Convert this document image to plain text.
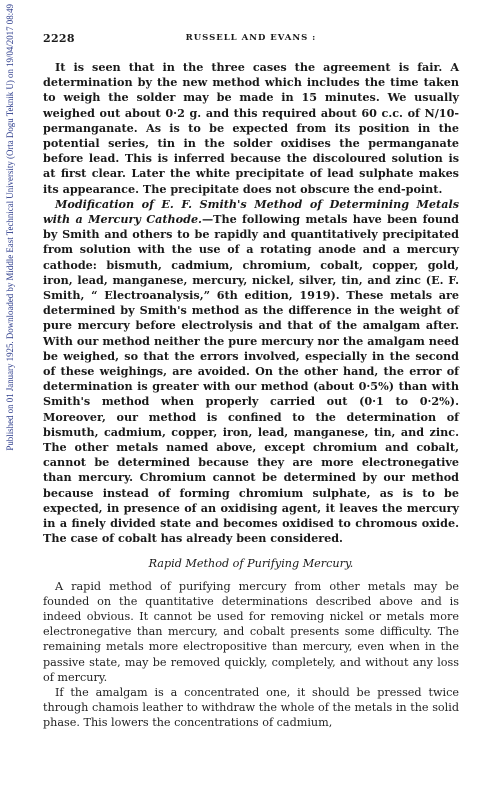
Published on 01 January 1925. Downloaded by Middle East Technical University (Orta Dogu Teknik U) on 19/04/2017 08:49	2228	RUSSELL AND EVANS :

It is seen that in the three cases the agreement is fair. A determination by the new method which includes the time taken to weigh the solder may be made in 15 minutes. We usually weighed out about 0·2 g. and this required about 60 c.c. of N/10-permanganate. As is to be expected from its position in the potential series, tin in the solder oxidises the permanganate before lead. This is inferred because the discoloured solution is at first clear. Later the white precipitate of lead sulphate makes its appearance. The precipitate does not obscure the end-point.

Modification of E. F. Smith's Method of Determining Metals with a Mercury Cathode.—The following metals have been found by Smith and others to be rapidly and quantitatively precipitated from solution with the use of a rotating anode and a mercury cathode: bismuth, cadmium, chromium, cobalt, copper, gold, iron, lead, manganese, mercury, nickel, silver, tin, and zinc (E. F. Smith, “ Electroanalysis,” 6th edition, 1919). These metals are determined by Smith's method as the difference in the weight of pure mercury before electrolysis and that of the amalgam after. With our method neither the pure mercury nor the amalgam need be weighed, so that the errors involved, especially in the second of these weighings, are avoided. On the other hand, the error of determination is greater with our method (about 0·5%) than with Smith's method when properly carried out (0·1 to 0·2%). Moreover, our method is confined to the determination of bismuth, cadmium, copper, iron, lead, manganese, tin, and zinc. The other metals named above, except chromium and cobalt, cannot be determined because they are more electronegative than mercury. Chromium cannot be determined by our method because instead of forming chromium sulphate, as is to be expected, in presence of an oxidising agent, it leaves the mercury in a finely divided state and becomes oxidised to chromous oxide. The case of cobalt has already been considered.

Rapid Method of Purifying Mercury.

A rapid method of purifying mercury from other metals may be founded on the quantitative determinations described above and is indeed obvious. It cannot be used for removing nickel or metals more electronegative than mercury, and cobalt presents some difficulty. The remaining metals more electropositive than mercury, even when in the passive state, may be removed quickly, completely, and without any loss of mercury.

If the amalgam is a concentrated one, it should be pressed twice through chamois leather to withdraw the whole of the metals in the solid phase. This lowers the concentrations of cadmium,
